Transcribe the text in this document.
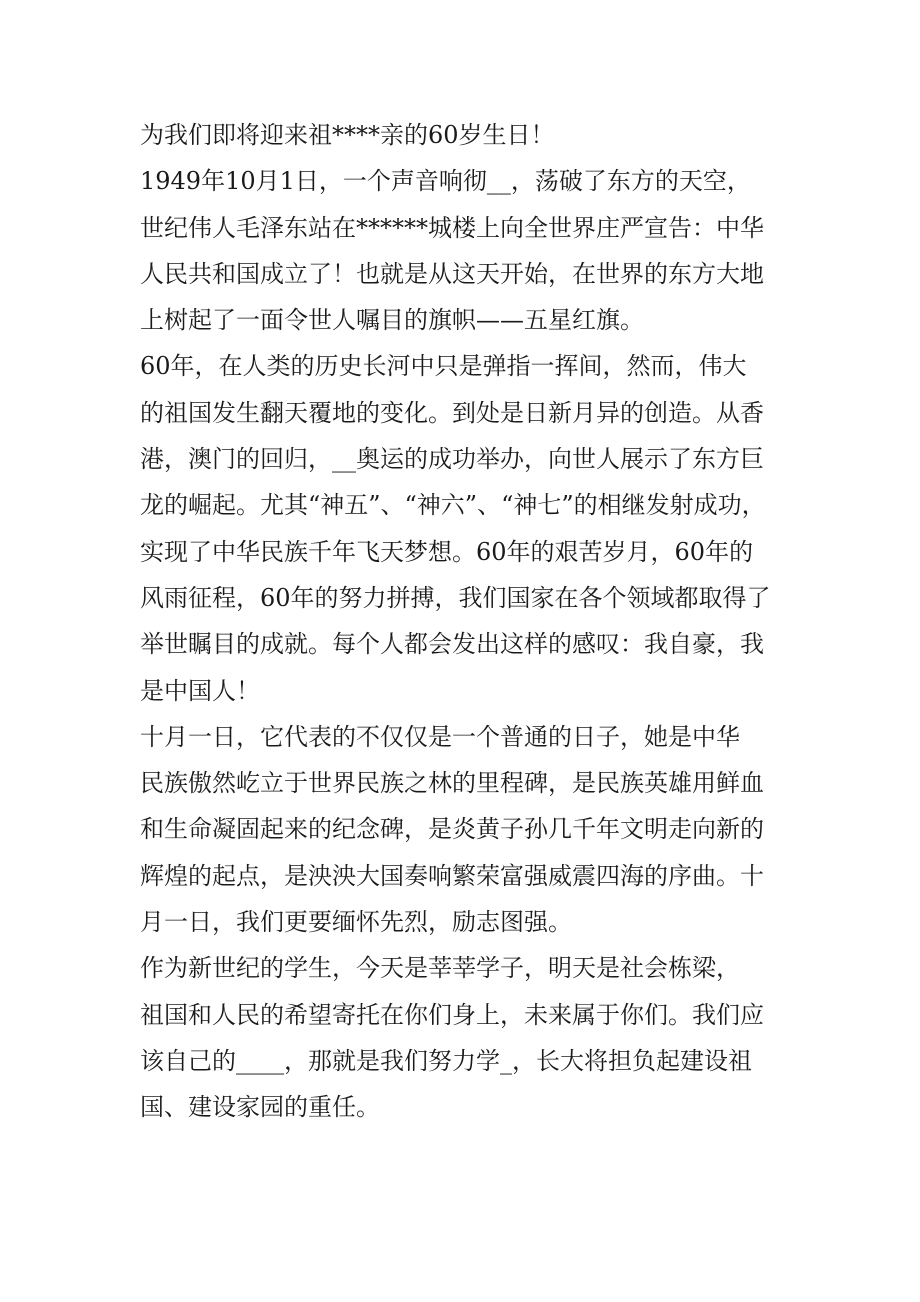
为我们即将迎来祖****亲的60岁生日！

1949年10月1日，一个声音响彻__，荡破了东方的天空，
世纪伟人毛泽东站在******城楼上向全世界庄严宣告：中华
人民共和国成立了！也就是从这天开始，在世界的东方大地
上树起了一面令世人嘱目的旗帜——五星红旗。

60年，在人类的历史长河中只是弹指一挥间，然而，伟大
的祖国发生翻天覆地的变化。到处是日新月异的创造。从香
港，澳门的回归，__奥运的成功举办，向世人展示了东方巨
龙的崛起。尤其“神五”、“神六”、“神七”的相继发射成功，
实现了中华民族千年飞天梦想。60年的艰苦岁月，60年的
风雨征程，60年的努力拼搏，我们国家在各个领域都取得了
举世瞩目的成就。每个人都会发出这样的感叹：我自豪，我
是中国人！

十月一日，它代表的不仅仅是一个普通的日子，她是中华
民族傲然屹立于世界民族之林的里程碑，是民族英雄用鲜血
和生命凝固起来的纪念碑，是炎黄子孙几千年文明走向新的
辉煌的起点，是泱泱大国奏响繁荣富强威震四海的序曲。十
月一日，我们更要缅怀先烈，励志图强。

作为新世纪的学生，今天是莘莘学子，明天是社会栋梁，
祖国和人民的希望寄托在你们身上，未来属于你们。我们应
该自己的____，那就是我们努力学_，长大将担负起建设祖
国、建设家园的重任。
